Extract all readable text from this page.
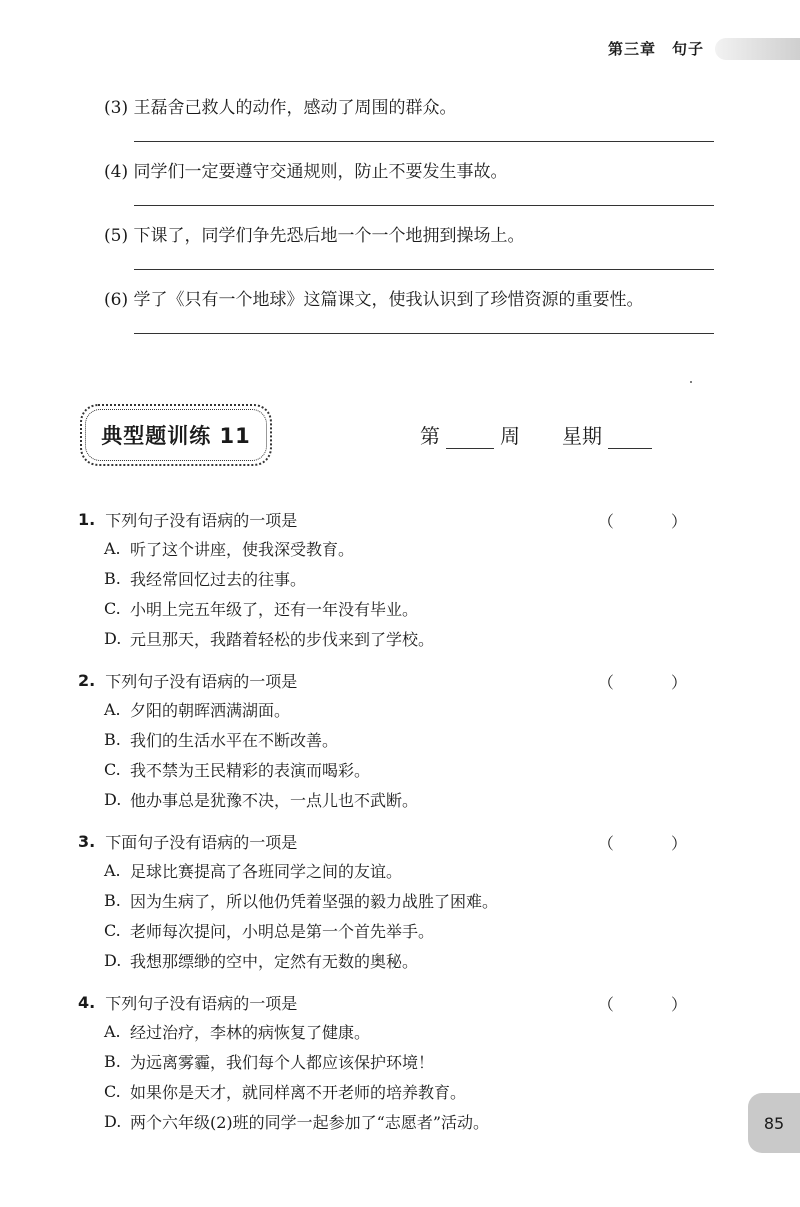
第三章　句子
(3) 王磊舍己救人的动作，感动了周围的群众。
(4) 同学们一定要遵守交通规则，防止不要发生事故。
(5) 下课了，同学们争先恐后地一个一个地拥到操场上。
(6) 学了《只有一个地球》这篇课文，使我认识到了珍惜资源的重要性。
典型题训练 11	第	周 星期
1. 下列句子没有语病的一项是	（ ）
A. 听了这个讲座，使我深受教育。
B. 我经常回忆过去的往事。
C. 小明上完五年级了，还有一年没有毕业。
D. 元旦那天，我踏着轻松的步伐来到了学校。
2. 下列句子没有语病的一项是	（ ）
A. 夕阳的朝晖洒满湖面。
B. 我们的生活水平在不断改善。
C. 我不禁为王民精彩的表演而喝彩。
D. 他办事总是犹豫不决，一点儿也不武断。
3. 下面句子没有语病的一项是	（ ）
A. 足球比赛提高了各班同学之间的友谊。
B. 因为生病了，所以他仍凭着坚强的毅力战胜了困难。
C. 老师每次提问，小明总是第一个首先举手。
D. 我想那缥缈的空中，定然有无数的奥秘。
4. 下列句子没有语病的一项是	（ ）
A. 经过治疗，李林的病恢复了健康。
B. 为远离雾霾，我们每个人都应该保护环境！
C. 如果你是天才，就同样离不开老师的培养教育。
D. 两个六年级(2)班的同学一起参加了“志愿者”活动。	85
